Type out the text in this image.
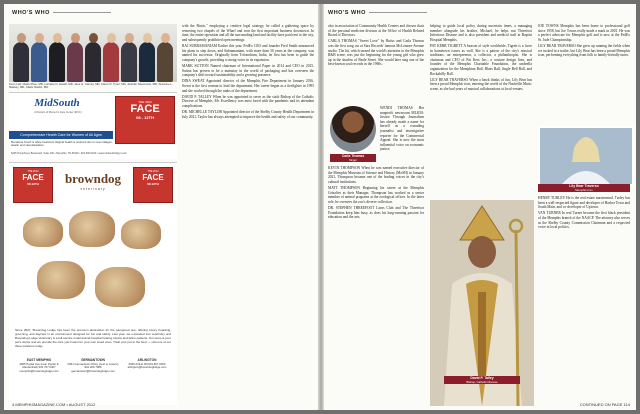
WHO'S WHO
From Left: Claire Price, MD, Lorraine D. Hewitt, MD, Jane G. Carney, MD, Karen N. Tyner, MD, Jennifer Stevenson, MD, Suzanne L. Massey, MD, Claire Nowlin, MD
MidSouth
A Division of Women's Care Center (WCC)
THE 2012
FACE
08 - 12TH
Comprehensive Health Care for Women of All Ages
MonaLisa Touch is office treatment Vaginal health is restored due to new collagen, elastin and vascularization
6225 Humphreys Boulevard, Suite 100 • Memphis, TN 38120 • 901.682.0400 • www.midsouthobgyn.com
THE 2012
FACE
08-12TH
THE 2012
FACE
08-12TH
browndog
veterinary
Since 2007, Browndog Lodge has been the premium destination for the pampered pup, offering luxury boarding, grooming, and daycare in an environment designed for fun and safety. Last year, we expanded into veterinary and Browndog Lodge Veterinary is a full-service small animal hospital treating canine and feline patients. Our team is your pet's doctor and we provide the care you'd want for your own loved ones. Treat your pet to the best — visit one of our three locations today.
EAST MEMPHIS
4965 Poplar Ave (near Poplar & Mendenhall) 901.767.0407 memphis@browndoglodge.com
GERMANTOWN
2061 Germantown Pkwy (next to Lowe's) 901.266.7085 germantown@browndoglodge.com
ARLINGTON
6035 Airline Rd 901.867.0000 arlington@browndoglodge.com

with the Biotic," employing a creative legal strategy, he called a gathering space by removing two chapels of the Wharf and won the first important business downtown. In time, the entire operation and all the surrounding land and facility have paid rent to the city, and subsequently prohibited open meetings.

RAJ SUBRAMANIAM Earlier this year, FedEx CEO and founder Fred Smith announced his plans to step down, and Subramaniam, with more than 30 years at the company, was named his successor. Originally from Trivandrum, India, he first has been to guide the company's growth, providing a strong voice in its expansion.

MARK SUTTON Named chairman of International Paper in 2014 and CEO in 2015, Sutton has proven to be a mainstay in the world of packaging and has overseen the company's shift toward sustainability and a growing presence.

DINA SWEAT Appointed director of the Memphis Fire Department in January 2016, Sweat is the first woman to lead the department. Her career began as a firefighter in 1995 and she worked through the ranks of the department.

DAVID P. TALLEY When he was appointed to serve as the sixth Bishop of the Catholic Diocese of Memphis, Mr. Excellency was most faced with the pandemic and its attendant complications.

DR. MICHELLE TAYLOR Appointed director of the Shelby County Health Department in July 2021, Taylor has always attempted to improve the health and safety of our community.

4 MEMPHISMAGAZINE.COM • AUGUST 2012
WHO'S WHO

also in association of Community Health Centers and chosen chair of the personal medicine division at the Office of Health Related Board of Directors.

CARLA THOMAS "Sweet Love" by Rufus and Carla Thomas was the first song cut at Stax Records' famous McLemore Avenue studio. The hit, which turned the world's attention to the Memphis R&B scene, was just the beginning for the young girl who grew up in the shadow of Beale Street. She would later sing one of the best-known soul records in the 1960s.

Carla Thomas
Singer

WENDI THOMAS Her nonprofit newsroom MLK50: Justice Through Journalism has already made a name for herself as a crusading journalist and investigative reporter for the Commercial Appeal. She is now the most influential voice on economic justice.

KEVIN THOMPSON When he was named executive director of the Memphis Museum of Science and History (MoSH) in January 2021, Thompson became one of the leading voices in the city's cultural institutions.

MATT THOMPSON Beginning his career at the Memphis Grizzlies as their Manager, Thompson has worked as a senior member of animal programs at the zoological offices. In the latter role, he oversees the zoo's diverse collection.

DR. STEPHEN THREEFOOT Lions Club and The Threefoot Foundation keep him busy, as does his long-running passion for education and the arts.

helping to guide local policy during uncertain times, a managing member alongside his brother, Michael, he helps run Threefoot Infectious Disease and is also president and medical staff at Baptist Hospital Memphis.

PAT KERR TIGRETT A beacon of style worldwide, Tigrett is a force in hometown issues as well. She is a patron of the city's musical traditions, an entrepreneur, a collector, a philanthropist. She is chairman and CEO of Pat Kerr, Inc., a couture design firm, and founder of the Memphis Charitable Foundation, the umbrella organization for the Memphian Ball, Blues Ball, Jingle Bell Ball, and Rockabilly Ball.

LILY BEAR TRAVERSO When a hawk thinks of fun, Lily Bear has been a proud Memphis icon, entering the world of the Nashville Music scene, as she had years of musical collaborations at local venues.

David P. Talley
Bishop, Catholic Diocese

JOE TOWNS Memphis has been home to professional golf since 1958, but Joe Towns really made a mark in 2001. He was a perfect advocate for Memphis golf and is now at the FedEx St. Jude Championship.

LILY BEAR TRAVERSO She grew up running the fields when we tucked in a trailer, but Lily Bear has been a proud Memphis icon, performing everything from folk to family-friendly tunes.

Lily Bear Traverso
Memphis Icon

HENRY TURLEY He is the real estate mastermind. Turley has been a well-respected figure and developer of Harbor Town and South Main, and co-developer of Uptown.

VAN TURNER In real Turner became the first black president of the Memphis branch of the NAACP. The attorney also serves as the Shelby County Commission Chairman and a respected voice in local politics.

CONTINUED ON PAGE 114
